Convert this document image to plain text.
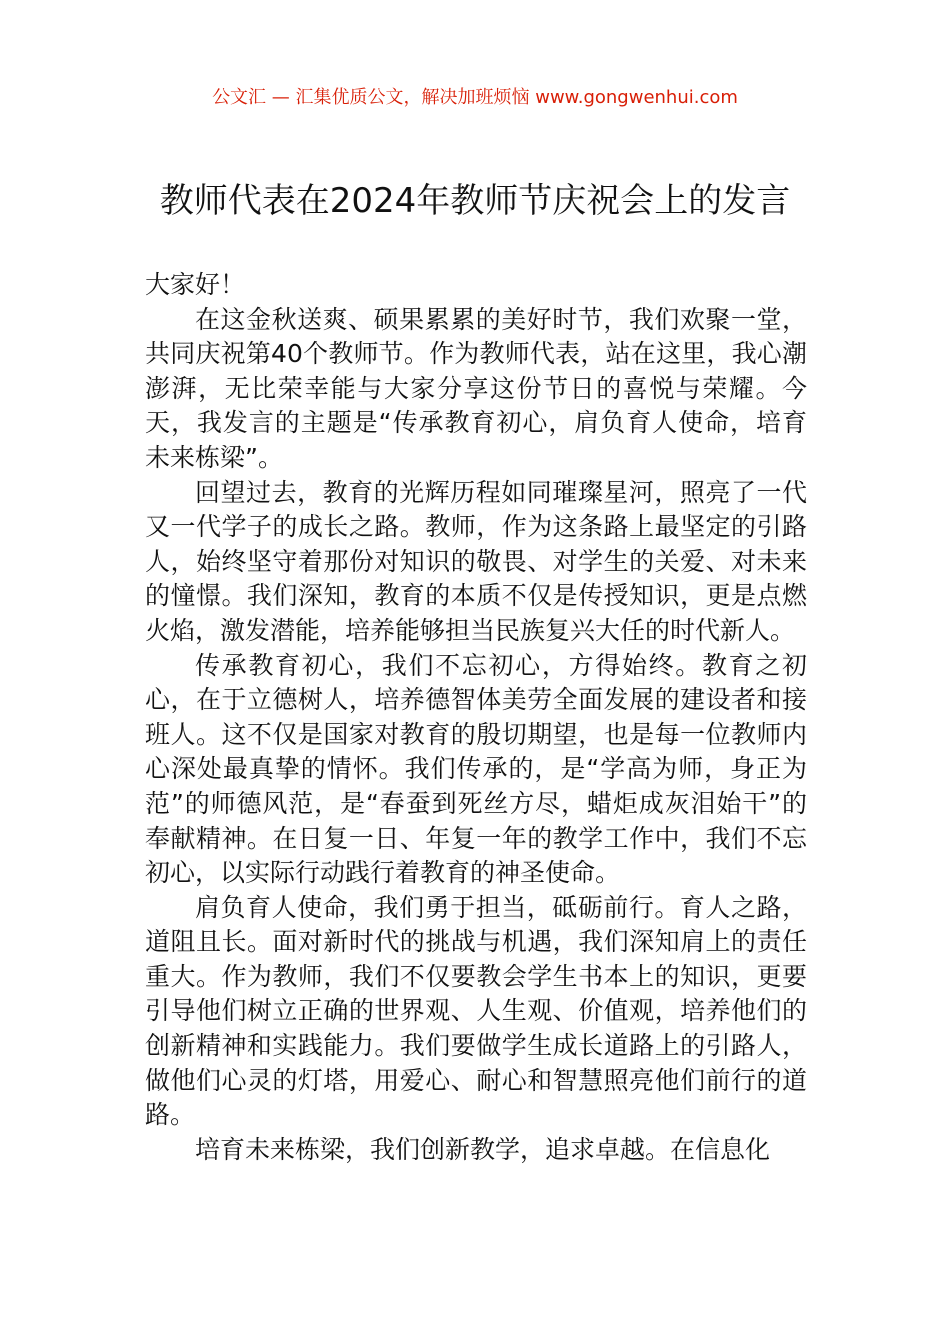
公文汇 — 汇集优质公文，解决加班烦恼 www.gongwenhui.com
教师代表在2024年教师节庆祝会上的发言

大家好！

在这金秋送爽、硕果累累的美好时节，我们欢聚一堂，共同庆祝第40个教师节。作为教师代表，站在这里，我心潮澎湃，无比荣幸能与大家分享这份节日的喜悦与荣耀。今天，我发言的主题是“传承教育初心，肩负育人使命，培育未来栋梁”。

回望过去，教育的光辉历程如同璀璨星河，照亮了一代又一代学子的成长之路。教师，作为这条路上最坚定的引路人，始终坚守着那份对知识的敬畏、对学生的关爱、对未来的憧憬。我们深知，教育的本质不仅是传授知识，更是点燃火焰，激发潜能，培养能够担当民族复兴大任的时代新人。

传承教育初心，我们不忘初心，方得始终。教育之初心，在于立德树人，培养德智体美劳全面发展的建设者和接班人。这不仅是国家对教育的殷切期望，也是每一位教师内心深处最真挚的情怀。我们传承的，是“学高为师，身正为范”的师德风范，是“春蚕到死丝方尽，蜡炬成灰泪始干”的奉献精神。在日复一日、年复一年的教学工作中，我们不忘初心，以实际行动践行着教育的神圣使命。

肩负育人使命，我们勇于担当，砥砺前行。育人之路，道阻且长。面对新时代的挑战与机遇，我们深知肩上的责任重大。作为教师，我们不仅要教会学生书本上的知识，更要引导他们树立正确的世界观、人生观、价值观，培养他们的创新精神和实践能力。我们要做学生成长道路上的引路人，做他们心灵的灯塔，用爱心、耐心和智慧照亮他们前行的道路。

培育未来栋梁，我们创新教学，追求卓越。在信息化
